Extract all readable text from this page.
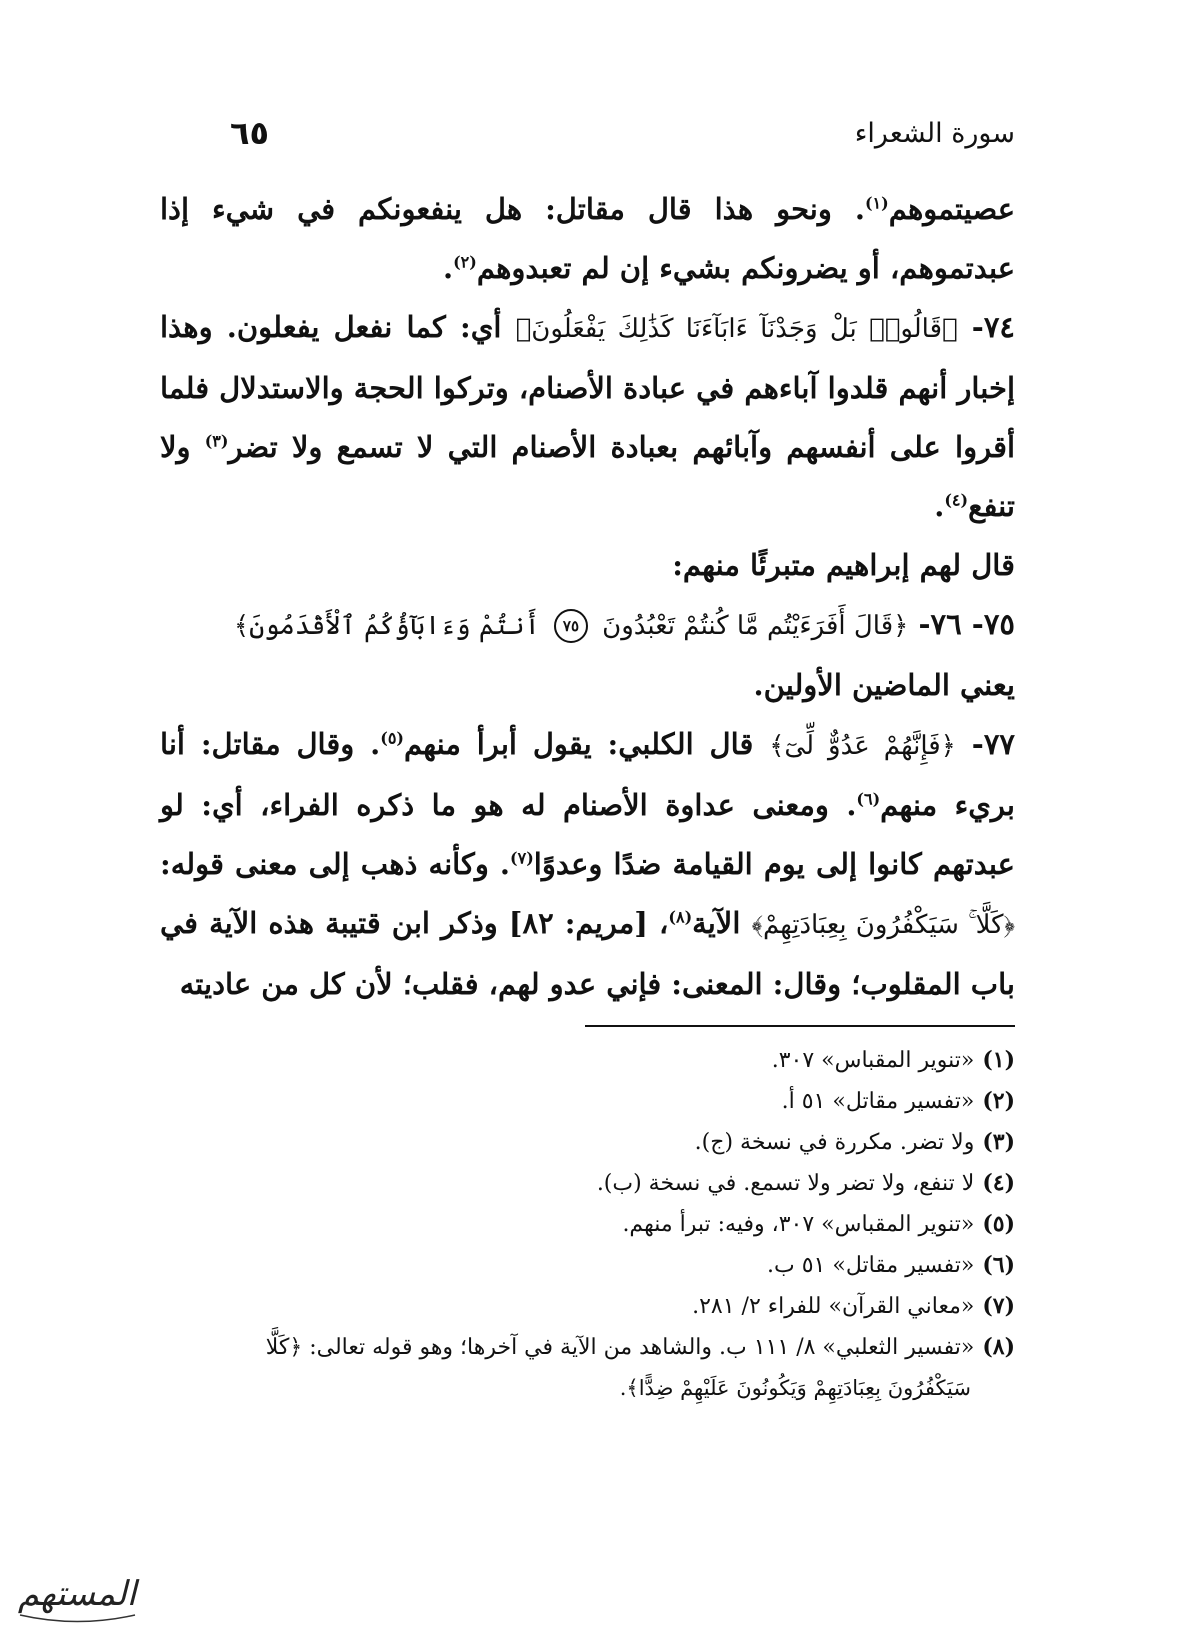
سورة الشعراء
٦٥

عصيتموهم$^{(١)}$. ونحو هذا قال مقاتل: هل ينفعونكم في شيء إذا عبدتموهم، أو يضرونكم بشيء إن لم تعبدوهم$^{(٢)}$.

٧٤- ﴿قَالُوا۟ بَلْ وَجَدْنَآ ءَابَآءَنَا كَذَٰلِكَ يَفْعَلُونَ﴾ أي: كما نفعل يفعلون. وهذا إخبار أنهم قلدوا آباءهم في عبادة الأصنام، وتركوا الحجة والاستدلال فلما أقروا على أنفسهم وآبائهم بعبادة الأصنام التي لا تسمع ولا تضر$^{(٣)}$ ولا تنفع$^{(٤)}$.

قال لهم إبراهيم متبرئًا منهم:

٧٥- ٧٦- ﴿قَالَ أَفَرَءَيْتُم مَّا كُنتُمْ تَعْبُدُونَ ٧٥ أَنتُمْ وَءَابَآؤُكُمُ ٱلْأَقْدَمُونَ﴾

يعني الماضين الأولين.

٧٧- ﴿فَإِنَّهُمْ عَدُوٌّ لِّىٓ﴾ قال الكلبي: يقول أبرأ منهم$^{(٥)}$. وقال مقاتل: أنا بريء منهم$^{(٦)}$. ومعنى عداوة الأصنام له هو ما ذكره الفراء، أي: لو عبدتهم كانوا إلى يوم القيامة ضدًا وعدوًا$^{(٧)}$. وكأنه ذهب إلى معنى قوله: ﴿كَلَّا ۚ سَيَكْفُرُونَ بِعِبَادَتِهِمْ﴾ الآية$^{(٨)}$، [مريم: ٨٢] وذكر ابن قتيبة هذه الآية في باب المقلوب؛ وقال: المعنى: فإني عدو لهم، فقلب؛ لأن كل من عاديته

(١)«تنوير المقباس» ٣٠٧.
(٢)«تفسير مقاتل» ٥١ أ.
(٣)ولا تضر. مكررة في نسخة (ج).
(٤)لا تنفع، ولا تضر ولا تسمع. في نسخة (ب).
(٥)«تنوير المقباس» ٣٠٧، وفيه: تبرأ منهم.
(٦)«تفسير مقاتل» ٥١ ب.
(٧)«معاني القرآن» للفراء ٢/ ٢٨١.
(٨)«تفسير الثعلبي» ٨/ ١١١ ب. والشاهد من الآية في آخرها؛ وهو قوله تعالى: ﴿كَلَّا
سَيَكْفُرُونَ بِعِبَادَتِهِمْ وَيَكُونُونَ عَلَيْهِمْ ضِدًّا﴾.
المستهم
